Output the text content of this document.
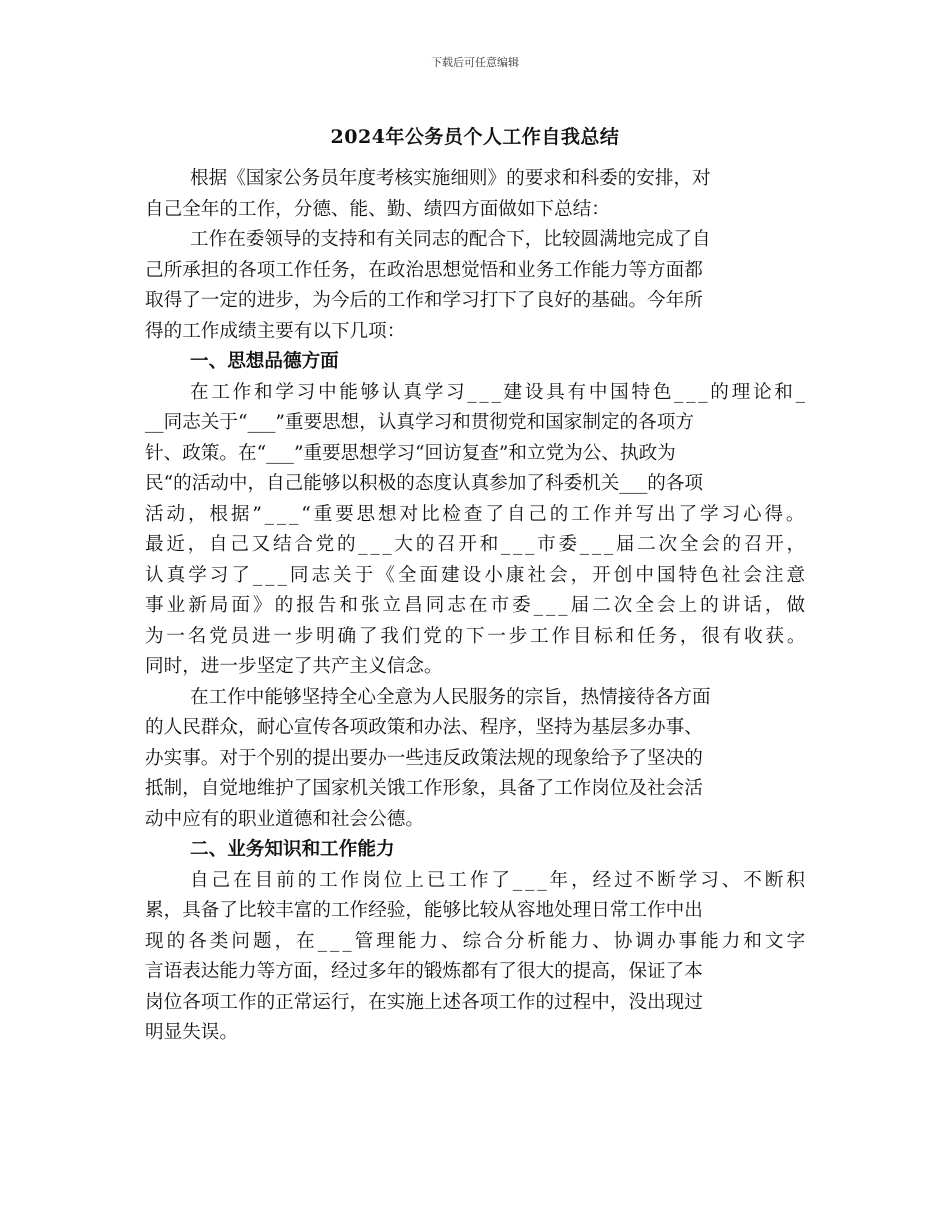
下载后可任意编辑
2024年公务员个人工作自我总结
根据《国家公务员年度考核实施细则》的要求和科委的安排，对
自己全年的工作，分德、能、勤、绩四方面做如下总结：
工作在委领导的支持和有关同志的配合下，比较圆满地完成了自
己所承担的各项工作任务，在政治思想觉悟和业务工作能力等方面都
取得了一定的进步，为今后的工作和学习打下了良好的基础。今年所
得的工作成绩主要有以下几项：
一、思想品德方面
在工作和学习中能够认真学习___建设具有中国特色___的理论和_
__同志关于“___”重要思想，认真学习和贯彻党和国家制定的各项方
针、政策。在“___”重要思想学习“回访复查”和立党为公、执政为
民“的活动中，自己能够以积极的态度认真参加了科委机关___的各项
活动，根据”___“重要思想对比检查了自己的工作并写出了学习心得。
最近，自己又结合党的___大的召开和___市委___届二次全会的召开，
认真学习了___同志关于《全面建设小康社会，开创中国特色社会注意
事业新局面》的报告和张立昌同志在市委___届二次全会上的讲话，做
为一名党员进一步明确了我们党的下一步工作目标和任务，很有收获。
同时，进一步坚定了共产主义信念。
在工作中能够坚持全心全意为人民服务的宗旨，热情接待各方面
的人民群众，耐心宣传各项政策和办法、程序，坚持为基层多办事、
办实事。对于个别的提出要办一些违反政策法规的现象给予了坚决的
抵制，自觉地维护了国家机关饿工作形象，具备了工作岗位及社会活
动中应有的职业道德和社会公德。
二、业务知识和工作能力
自己在目前的工作岗位上已工作了___年，经过不断学习、不断积
累，具备了比较丰富的工作经验，能够比较从容地处理日常工作中出
现的各类问题，在___管理能力、综合分析能力、协调办事能力和文字
言语表达能力等方面，经过多年的锻炼都有了很大的提高，保证了本
岗位各项工作的正常运行，在实施上述各项工作的过程中，没出现过
明显失误。
